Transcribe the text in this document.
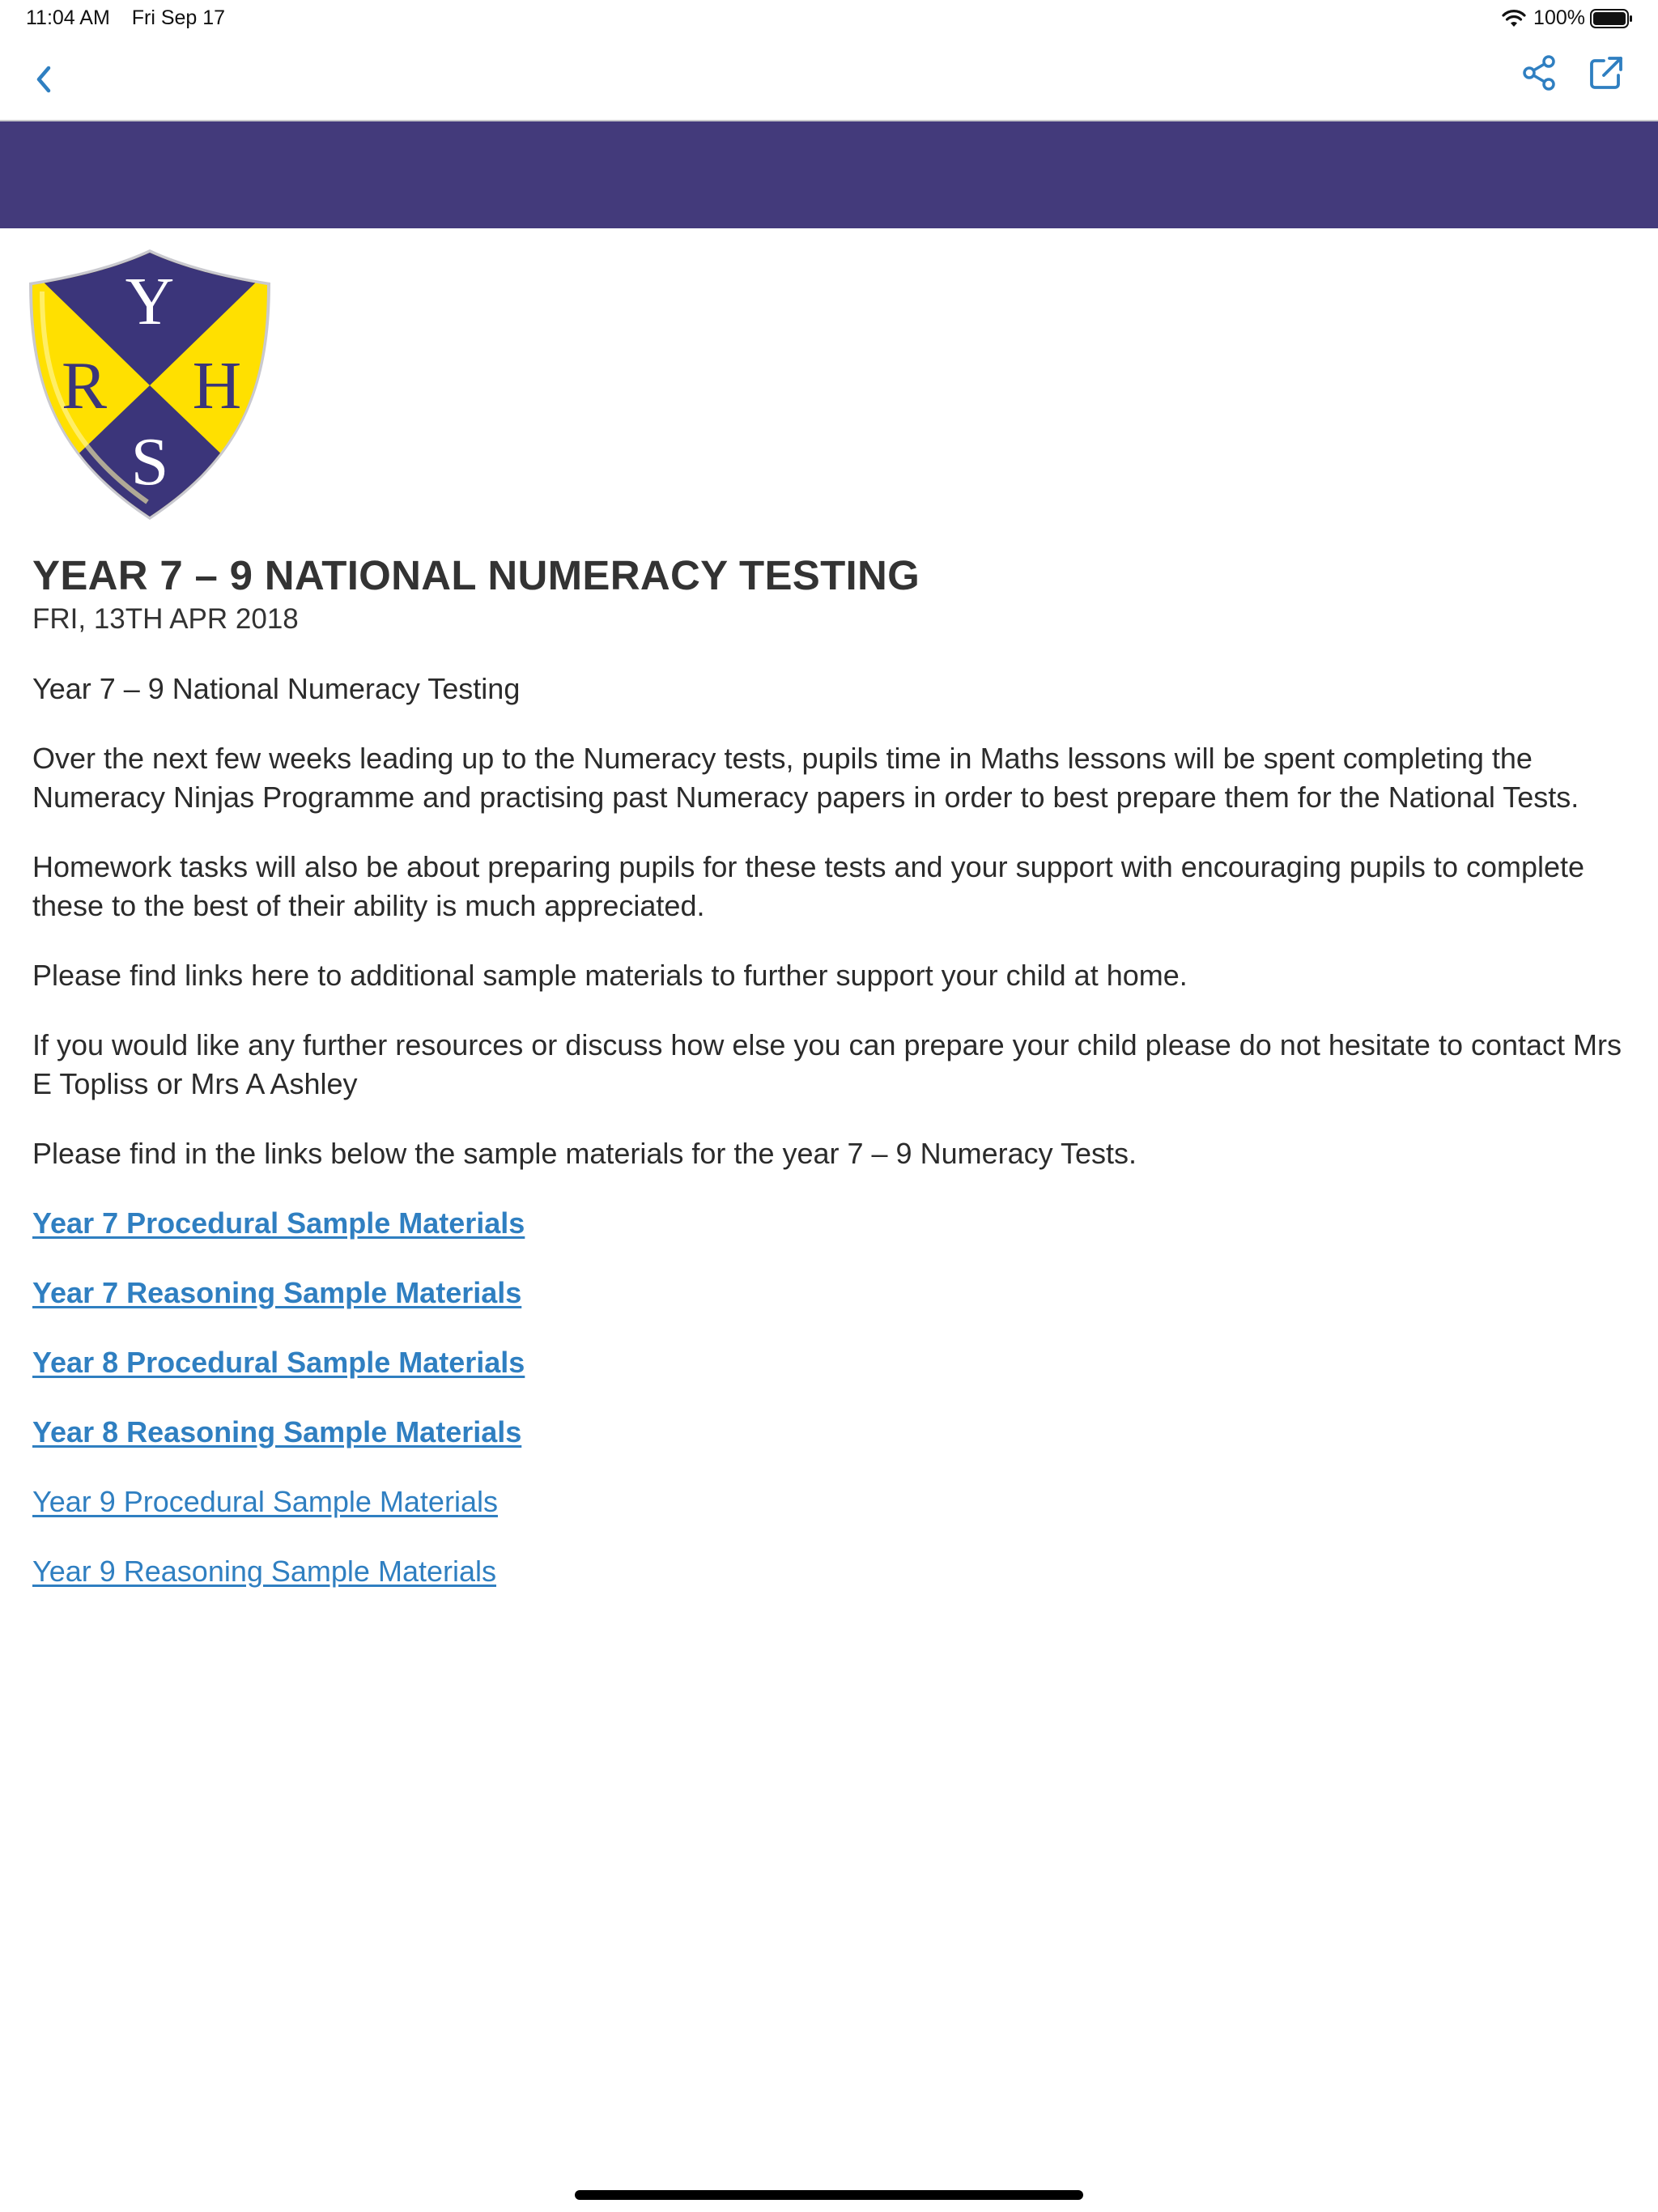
11:04 AM Fri Sep 17	100%
Y
R H
S
YEAR 7 – 9 NATIONAL NUMERACY TESTING
FRI, 13TH APR 2018

Year 7 – 9 National Numeracy Testing

Over the next few weeks leading up to the Numeracy tests, pupils time in Maths lessons will be spent completing the Numeracy Ninjas Programme and practising past Numeracy papers in order to best prepare them for the National Tests.

Homework tasks will also be about preparing pupils for these tests and your support with encouraging pupils to complete these to the best of their ability is much appreciated.

Please find links here to additional sample materials to further support your child at home.

If you would like any further resources or discuss how else you can prepare your child please do not hesitate to contact Mrs E Topliss or Mrs A Ashley

Please find in the links below the sample materials for the year 7 – 9 Numeracy Tests.

Year 7 Procedural Sample Materials
Year 7 Reasoning Sample Materials
Year 8 Procedural Sample Materials
Year 8 Reasoning Sample Materials
Year 9 Procedural Sample Materials
Year 9 Reasoning Sample Materials
